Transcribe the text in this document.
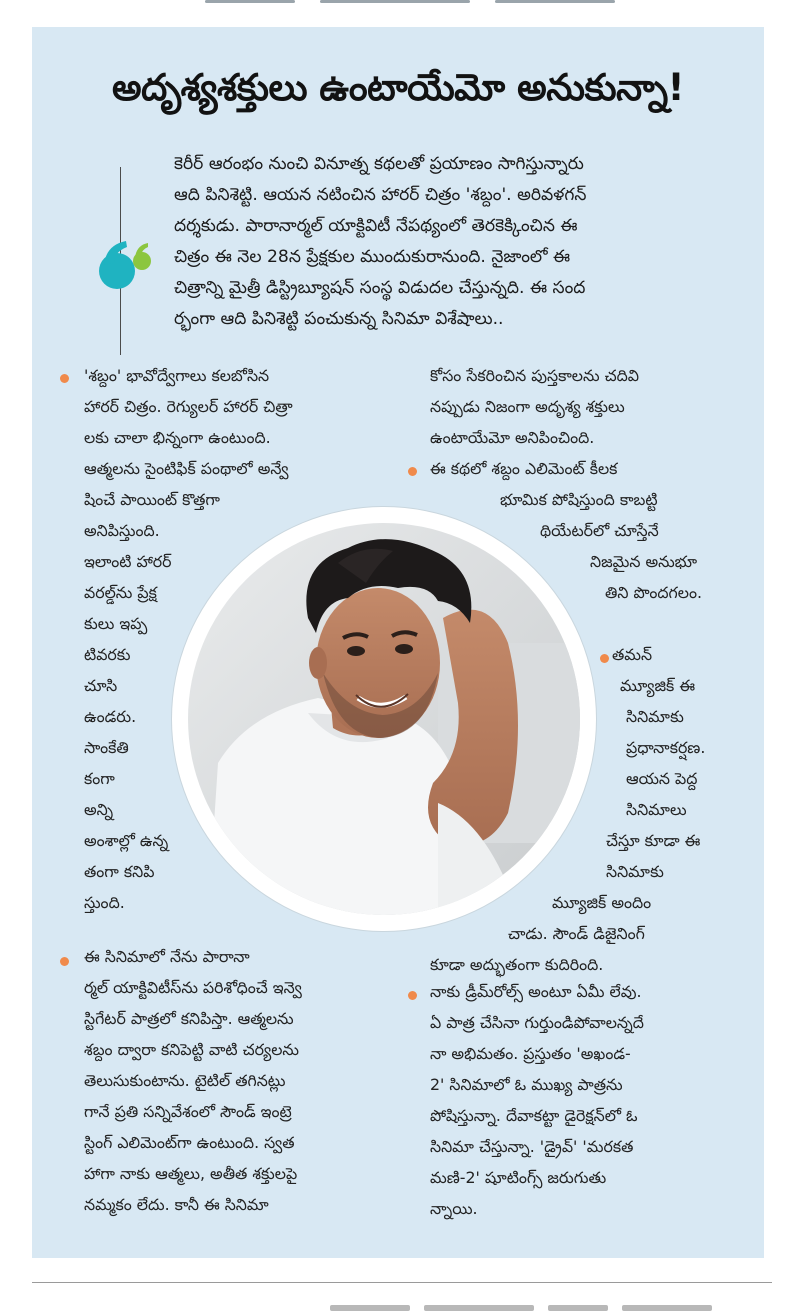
అదృశ్యశక్తులు ఉంటాయేమో అనుకున్నా!

కెరీర్ ఆరంభం నుంచి వినూత్న కథలతో ప్రయాణం సాగిస్తున్నారు

ఆది పినిశెట్టి. ఆయన నటించిన హారర్ చిత్రం 'శబ్దం'. అరివళగన్

దర్శకుడు. పారానార్మల్ యాక్టివిటీ నేపథ్యంలో తెరకెక్కించిన ఈ

చిత్రం ఈ నెల 28న ప్రేక్షకుల ముందుకురానుంది. నైజాంలో ఈ

చిత్రాన్ని మైత్రీ డిస్ట్రిబ్యూషన్ సంస్థ విడుదల చేస్తున్నది. ఈ సంద

ర్భంగా ఆది పినిశెట్టి పంచుకున్న సినిమా విశేషాలు..

'శబ్దం' భావోద్వేగాలు కలబోసిన

హారర్ చిత్రం. రెగ్యులర్ హారర్ చిత్రా

లకు చాలా భిన్నంగా ఉంటుంది.

ఆత్మలను సైంటిఫిక్ పంథాలో అన్వే

షించే పాయింట్ కొత్తగా

అనిపిస్తుంది.

ఇలాంటి హారర్

వరల్డ్‌ను ప్రేక్ష

కులు ఇప్ప

టివరకు

చూసి

ఉండరు.

సాంకేతి

కంగా

అన్ని

అంశాల్లో ఉన్న

తంగా కనిపి

స్తుంది.

ఈ సినిమాలో నేను పారానా

ర్మల్ యాక్టివిటీస్‌ను పరిశోధించే ఇన్వె

స్టిగేటర్ పాత్రలో కనిపిస్తా. ఆత్మలను

శబ్దం ద్వారా కనిపెట్టి వాటి చర్యలను

తెలుసుకుంటాను. టైటిల్ తగినట్లు

గానే ప్రతి సన్నివేశంలో సౌండ్ ఇంట్రె

స్టింగ్ ఎలిమెంట్‌గా ఉంటుంది. స్వత

హాగా నాకు ఆత్మలు, అతీత శక్తులపై

నమ్మకం లేదు. కానీ ఈ సినిమా

కోసం సేకరించిన పుస్తకాలను చదివి

నప్పుడు నిజంగా అదృశ్య శక్తులు

ఉంటాయేమో అనిపించింది.

ఈ కథలో శబ్దం ఎలిమెంట్ కీలక

భూమిక పోషిస్తుంది కాబట్టి

థియేటర్‌లో చూస్తేనే

నిజమైన అనుభూ

తిని పొందగలం.

తమన్

మ్యూజిక్ ఈ

సినిమాకు

ప్రధానాకర్షణ.

ఆయన పెద్ద

సినిమాలు

చేస్తూ కూడా ఈ

సినిమాకు

మ్యూజిక్ అందిం

చాడు. సౌండ్ డిజైనింగ్

కూడా అద్భుతంగా కుదిరింది.

నాకు డ్రీమ్‌రోల్స్ అంటూ ఏమీ లేవు.

ఏ పాత్ర చేసినా గుర్తుండిపోవాలన్నదే

నా అభిమతం. ప్రస్తుతం 'అఖండ-

2' సినిమాలో ఓ ముఖ్య పాత్రను

పోషిస్తున్నా. దేవాకట్టా డైరెక్షన్‌లో ఓ

సినిమా చేస్తున్నా. 'డ్రైవ్' 'మరకత

మణి-2' షూటింగ్స్ జరుగుతు

న్నాయి.
